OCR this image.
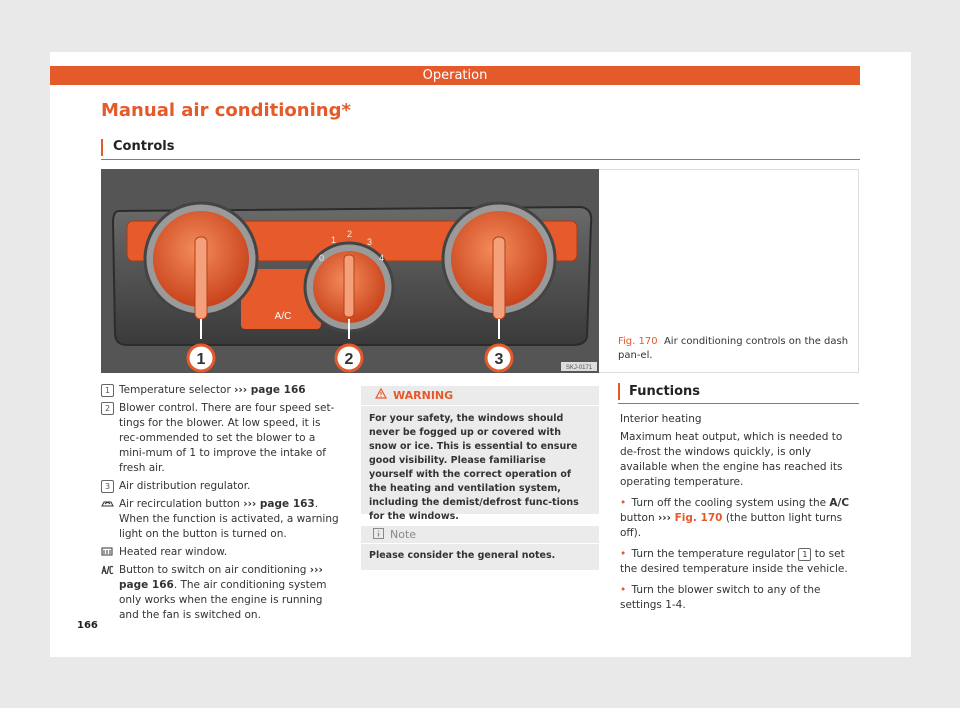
Operation
Manual air conditioning*
Controls
A/C
0
1
2
3
4
1	2	3	SKJ-0171
Fig. 170 Air conditioning controls on the dash pan-el.
1 Temperature selector ››› page 166
2 Blower control. There are four speed set-tings for the blower. At low speed, it is rec-ommended to set the blower to a mini-mum of 1 to improve the intake of fresh air.
3 Air distribution regulator.
Air recirculation button ››› page 163. When the function is activated, a warning light on the button is turned on.
Heated rear window.
Button to switch on air conditioning ››› page 166. The air conditioning system only works when the engine is running and the fan is switched on.
WARNING
For your safety, the windows should never be fogged up or covered with snow or ice. This is essential to ensure good visibility. Please familiarise yourself with the correct operation of the heating and ventilation system, including the demist/defrost func-tions for the windows.
Note
Please consider the general notes.
Functions

Interior heating

Maximum heat output, which is needed to de-frost the windows quickly, is only available when the engine has reached its operating temperature.

• Turn off the cooling system using the A/C
button ››› Fig. 170 (the button light turns off).

• Turn the temperature regulator 1 to set the desired temperature inside the vehicle.

• Turn the blower switch to any of the settings 1-4.

166
